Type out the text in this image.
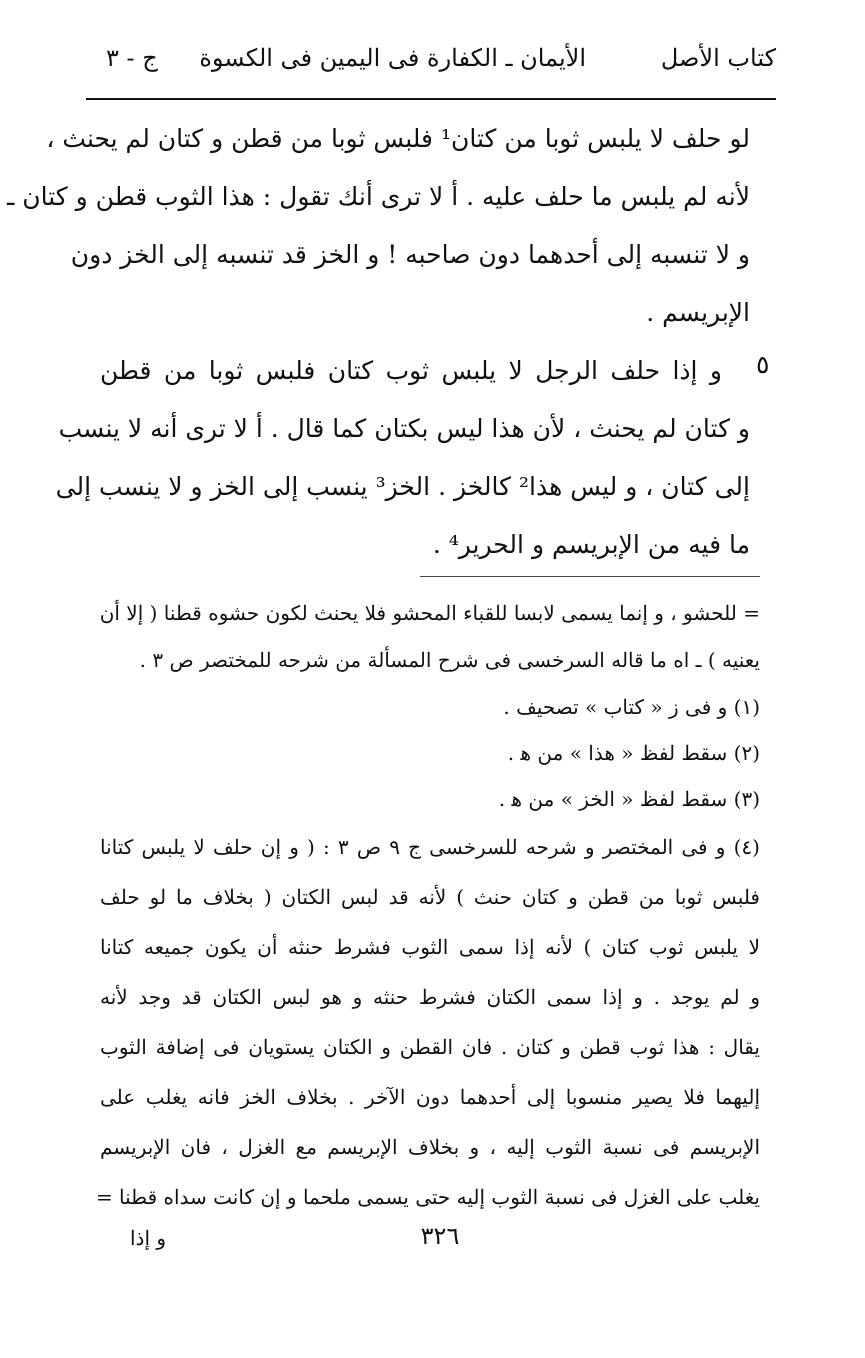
كتاب الأصل
الأيمان ـ الكفارة فى اليمين فى الكسوة
ج - ٣
لو حلف لا يلبس ثوبا من كتان¹ فلبس ثوبا من قطن و كتان لم يحنث ،
لأنه لم يلبس ما حلف عليه . أ لا ترى أنك تقول : هذا الثوب قطن و كتان ـ
و لا تنسبه إلى أحدهما دون صاحبه ! و الخز قد تنسبه إلى الخز دون
الإبريسم .
و إذا حلف الرجل لا يلبس ثوب كتان فلبس ثوبا من قطن
و كتان لم يحنث ، لأن هذا ليس بكتان كما قال . أ لا ترى أنه لا ينسب
إلى كتان ، و ليس هذا² كالخز . الخز³ ينسب إلى الخز و لا ينسب إلى
ما فيه من الإبريسم و الحرير⁴ .
٥
= للحشو ، و إنما يسمى لابسا للقباء المحشو فلا يحنث لكون حشوه قطنا ( إلا أن
يعنيه ) ـ اه ما قاله السرخسى فى شرح المسألة من شرحه للمختصر ص ٣ .
(١) و فى ز « كتاب » تصحيف .
(٢) سقط لفظ « هذا » من ﻫ .
(٣) سقط لفظ « الخز » من ﻫ .
(٤) و فى المختصر و شرحه للسرخسى ج ٩ ص ٣ : ( و إن حلف لا يلبس كتانا
فلبس ثوبا من قطن و كتان حنث ) لأنه قد لبس الكتان ( بخلاف ما لو حلف
لا يلبس ثوب كتان ) لأنه إذا سمى الثوب فشرط حنثه أن يكون جميعه كتانا
و لم يوجد . و إذا سمى الكتان فشرط حنثه و هو لبس الكتان قد وجد لأنه
يقال : هذا ثوب قطن و كتان . فان القطن و الكتان يستويان فى إضافة الثوب
إليهما فلا يصير منسوبا إلى أحدهما دون الآخر . بخلاف الخز فانه يغلب على
الإبريسم فى نسبة الثوب إليه ، و بخلاف الإبريسم مع الغزل ، فان الإبريسم
يغلب على الغزل فى نسبة الثوب إليه حتى يسمى ملحما و إن كانت سداه قطنا =
٣٢٦
و إذا
